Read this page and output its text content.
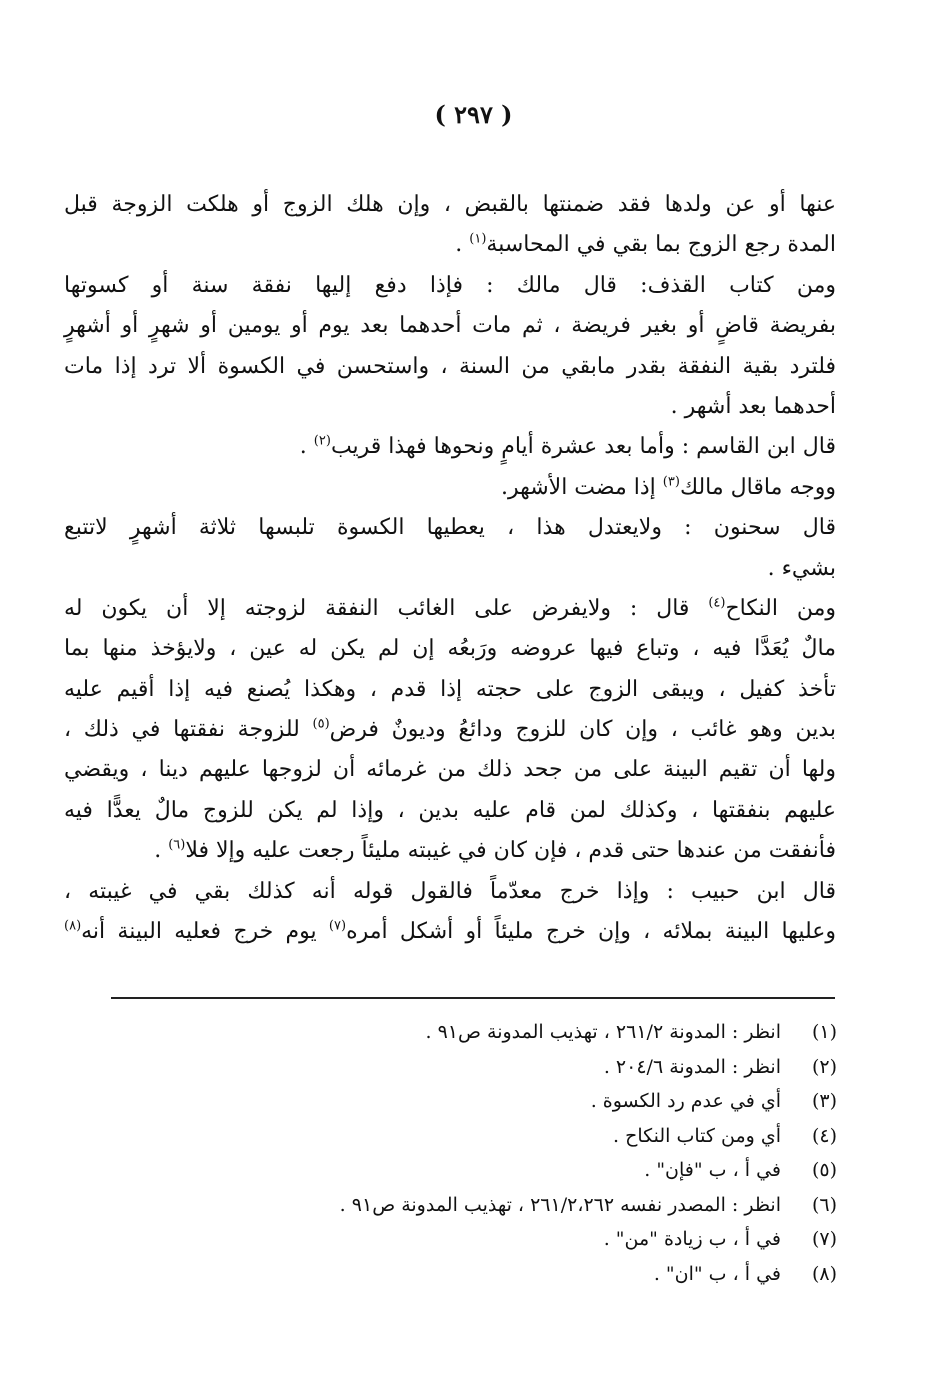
( ٢٩٧ )
عنها أو عن ولدها فقد ضمنتها بالقبض ، وإن هلك الزوج أو هلكت الزوجة قبل
المدة رجع الزوج بما بقي في المحاسبة$^{(١)}$ .
ومن كتاب القذف: قال مالك : فإذا دفع إليها نفقة سنة أو كسوتها
بفريضة قاضٍ أو بغير فريضة ، ثم مات أحدهما بعد يوم أو يومين أو شهرٍ أو أشهرٍ
فلترد بقية النفقة بقدر مابقي من السنة ، واستحسن في الكسوة ألا ترد إذا مات
أحدهما بعد أشهر .
قال ابن القاسم : وأما بعد عشرة أيامٍ ونحوها فهذا قريب$^{(٢)}$ .
ووجه ماقال مالك$^{(٣)}$ إذا مضت الأشهر.
قال سحنون : ولايعتدل هذا ، يعطيها الكسوة تلبسها ثلاثة أشهرٍ لاتتبع
بشيء .
ومن النكاح$^{(٤)}$ قال : ولايفرض على الغائب النفقة لزوجته إلا أن يكون له
مالٌ يُعَدَّا فيه ، وتباع فيها عروضه ورَبعُه إن لم يكن له عين ، ولايؤخذ منها بما
تأخذ كفيل ، ويبقى الزوج على حجته إذا قدم ، وهكذا يُصنع فيه إذا أقيم عليه
بدين وهو غائب ، وإن كان للزوج ودائعُ وديونٌ فرض$^{(٥)}$ للزوجة نفقتها في ذلك ،
ولها أن تقيم البينة على من جحد ذلك من غرمائه أن لزوجها عليهم دينا ، ويقضي
عليهم بنفقتها ، وكذلك لمن قام عليه بدين ، وإذا لم يكن للزوج مالٌ يعدًّا فيه
فأنفقت من عندها حتى قدم ، فإن كان في غيبته مليئاً رجعت عليه وإلا فلا$^{(٦)}$ .
قال ابن حبيب : وإذا خرج معدّماً فالقول قوله أنه كذلك بقي في غيبته ،
وعليها البينة بملائه ، وإن خرج مليئاً أو أشكل أمره$^{(٧)}$ يوم خرج فعليه البينة أنه$^{(٨)}$
(١)
انظر : المدونة ٢٦١/٢ ، تهذيب المدونة ص٩١ .
(٢)
انظر : المدونة ٢٠٤/٦ .
(٣)
أي في عدم رد الكسوة .
(٤)
أي ومن كتاب النكاح .
(٥)
في أ ، ب "فإن" .
(٦)
انظر : المصدر نفسه ٢٦١/٢،٢٦٢ ، تهذيب المدونة ص٩١ .
(٧)
في أ ، ب زيادة "من" .
(٨)
في أ ، ب "ان" .
